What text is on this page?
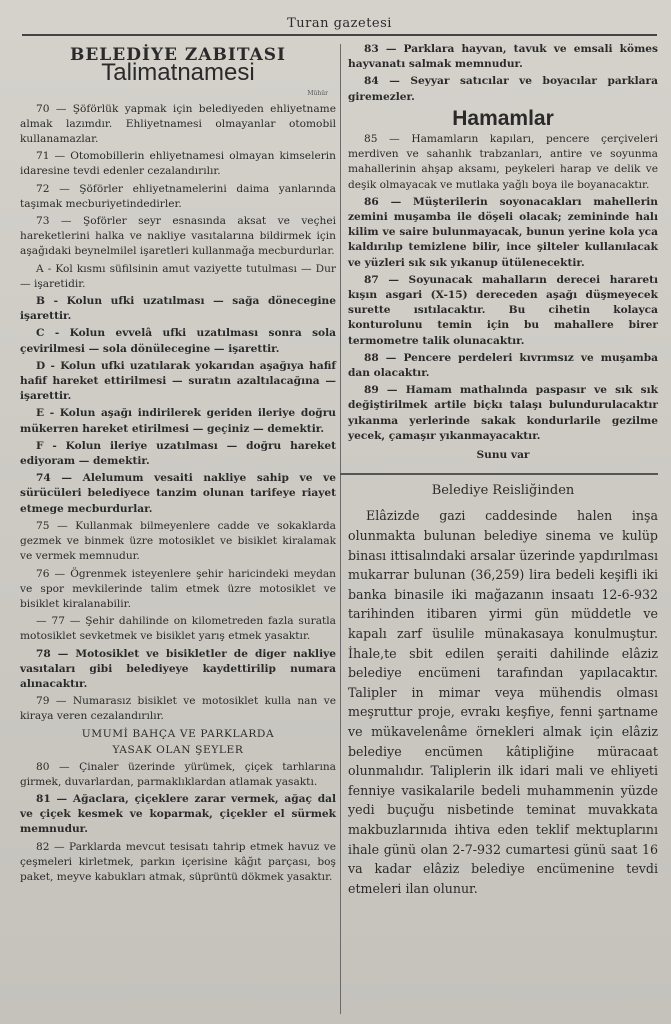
Turan gazetesi
BELEDİYE ZABITASI
Talimatnamesi
Mühür

70 — Şöförlük yapmak için belediyeden ehliyetname almak lazımdır. Ehliyetnamesi olmayanlar otomobil kullanamazlar.

71 — Otomobillerin ehliyetnamesi olmayan kimselerin idaresine tevdi edenler cezalandırılır.

72 — Şöförler ehliyetnamelerini daima yanlarında taşımak mecburiyetindedirler.

73 — Şoförler seyr esnasında aksat ve veçhei hareketlerini halka ve nakliye vasıtalarına bildirmek için aşağıdaki beynelmilel işaretleri kullanmağa mecburdurlar.

A - Kol kısmı süfilsinin amut vaziyette tutulması — Dur — işaretidir.

B - Kolun ufki uzatılması — sağa dönecegine işarettir.

C - Kolun evvelâ ufki uzatılması sonra sola çevirilmesi — sola dönülecegine — işarettir.

D - Kolun ufki uzatılarak yokarıdan aşağıya hafif hafif hareket ettirilmesi — suratın azaltılacağına — işarettir.

E - Kolun aşağı indirilerek geriden ileriye doğru mükerren hareket etirilmesi — geçiniz — demektir.

F - Kolun ileriye uzatılması — doğru hareket ediyoram — demektir.

74 — Alelumum vesaiti nakliye sahip ve ve sürücüleri belediyece tanzim olunan tarifeye riayet etmege mecburdurlar.

75 — Kullanmak bilmeyenlere cadde ve sokaklarda gezmek ve binmek üzre motosiklet ve bisiklet kiralamak ve vermek memnudur.

76 — Ögrenmek isteyenlere şehir haricindeki meydan ve spor mevkilerinde talim etmek üzre motosiklet ve bisiklet kiralanabilir.

— 77 — Şehir dahilinde on kilometreden fazla suratla motosiklet sevketmek ve bisiklet yarış etmek yasaktır.

78 — Motosiklet ve bisikletler de diger nakliye vasıtaları gibi belediyeye kaydettirilip numara alınacaktır.

79 — Numarasız bisiklet ve motosiklet kulla nan ve kiraya veren cezalandırılır.

UMUMİ BAHÇA VE PARKLARDA
YASAK OLAN ŞEYLER

80 — Çinaler üzerinde yürümek, çiçek tarhlarına girmek, duvarlardan, parmaklıklardan atlamak yasaktı.

81 — Ağaclara, çiçeklere zarar vermek, ağaç dal ve çiçek kesmek ve koparmak, çiçekler el sürmek memnudur.

82 — Parklarda mevcut tesisatı tahrip etmek havuz ve çeşmeleri kirletmek, parkın içerisine kâğıt parçası, boş paket, meyve kabukları atmak, süprüntü dökmek yasaktır.

83 — Parklara hayvan, tavuk ve emsali kömes hayvanatı salmak memnudur.

84 — Seyyar satıcılar ve boyacılar parklara giremezler.

Hamamlar

85 — Hamamların kapıları, pencere çerçiveleri merdiven ve sahanlık trabzanları, antire ve soyunma mahallerinin ahşap aksamı, peykeleri harap ve delik ve deşik olmayacak ve mutlaka yağlı boya ile boyanacaktır.

86 — Müşterilerin soyonacakları mahellerin zemini muşamba ile döşeli olacak; zemininde halı kilim ve saire bulunmayacak, bunun yerine kola yca kaldırılıp temizlene bilir, ince şilteler kullanılacak ve yüzleri sık sık yıkanup ütülenecektir.

87 — Soyunacak mahalların derecei hararetı kışın asgari (X-15) dereceden aşağı düşmeyecek surette ısıtılacaktır. Bu cihetin kolayca konturolunu temin için bu mahallere birer termometre talik olunacaktır.

88 — Pencere perdeleri kıvrımsız ve muşamba dan olacaktır.

89 — Hamam mathalında paspasır ve sık sık değiştirilmek artile biçkı talaşı bulundurulacaktır yıkanma yerlerinde sakak kondurlarile gezilme yecek, çamaşır yıkanmayacaktır.

Sunu var
Belediye Reisliğinden

Elâzizde gazi caddesinde halen inşa olunmakta bulunan belediye sinema ve kulüp binası ittisalındaki arsalar üzerinde yapdırılması mukarrar bulunan (36,259) lira bedeli keşifli iki banka binasile iki mağazanın insaatı 12-6-932 tarihinden itibaren yirmi gün müddetle ve kapalı zarf üsulile münakasaya konulmuştur. İhale,te sbit edilen şeraiti dahilinde elâziz belediye encümeni tarafından yapılacaktır. Talipler in mimar veya mühendis olması meşruttur proje, evrakı keşfiye, fenni şartname ve mükavelenâme örnekleri almak için elâziz belediye encümen kâtipliğine müracaat olunmalıdır. Taliplerin ilk idari mali ve ehliyeti fenniye vasikalarile bedeli muhammenin yüzde yedi buçuğu nisbetinde teminat muvakkata makbuzlarınıda ihtiva eden teklif mektuplarını ihale günü olan 2-7-932 cumartesi günü saat 16 va kadar elâziz belediye encümenine tevdi etmeleri ilan olunur.
